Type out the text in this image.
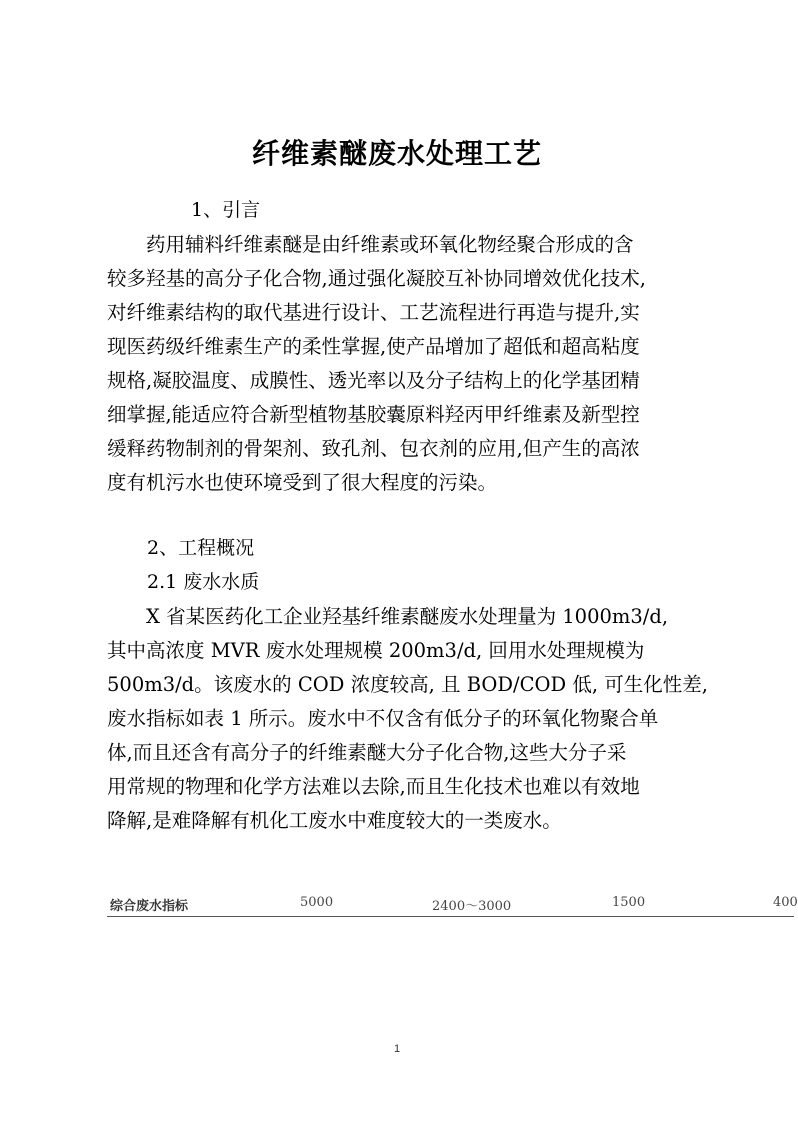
纤维素醚废水处理工艺
1、引言
　　药用辅料纤维素醚是由纤维素或环氧化物经聚合形成的含
较多羟基的高分子化合物,通过强化凝胶互补协同增效优化技术,
对纤维素结构的取代基进行设计、工艺流程进行再造与提升,实
现医药级纤维素生产的柔性掌握,使产品增加了超低和超高粘度
规格,凝胶温度、成膜性、透光率以及分子结构上的化学基团精
细掌握,能适应符合新型植物基胶囊原料羟丙甲纤维素及新型控
缓释药物制剂的骨架剂、致孔剂、包衣剂的应用,但产生的高浓
度有机污水也使环境受到了很大程度的污染。
2、工程概况
2.1 废水水质
　　X 省某医药化工企业羟基纤维素醚废水处理量为 1000m3/d,
其中高浓度 MVR 废水处理规模 200m3/d, 回用水处理规模为
500m3/d。该废水的 COD 浓度较高, 且 BOD/COD 低, 可生化性差,
废水指标如表 1 所示。废水中不仅含有低分子的环氧化物聚合单
体,而且还含有高分子的纤维素醚大分子化合物,这些大分子采
用常规的物理和化学方法难以去除,而且生化技术也难以有效地
降解,是难降解有机化工废水中难度较大的一类废水。
综合废水指标	5000	2400～3000	1500	400
1
